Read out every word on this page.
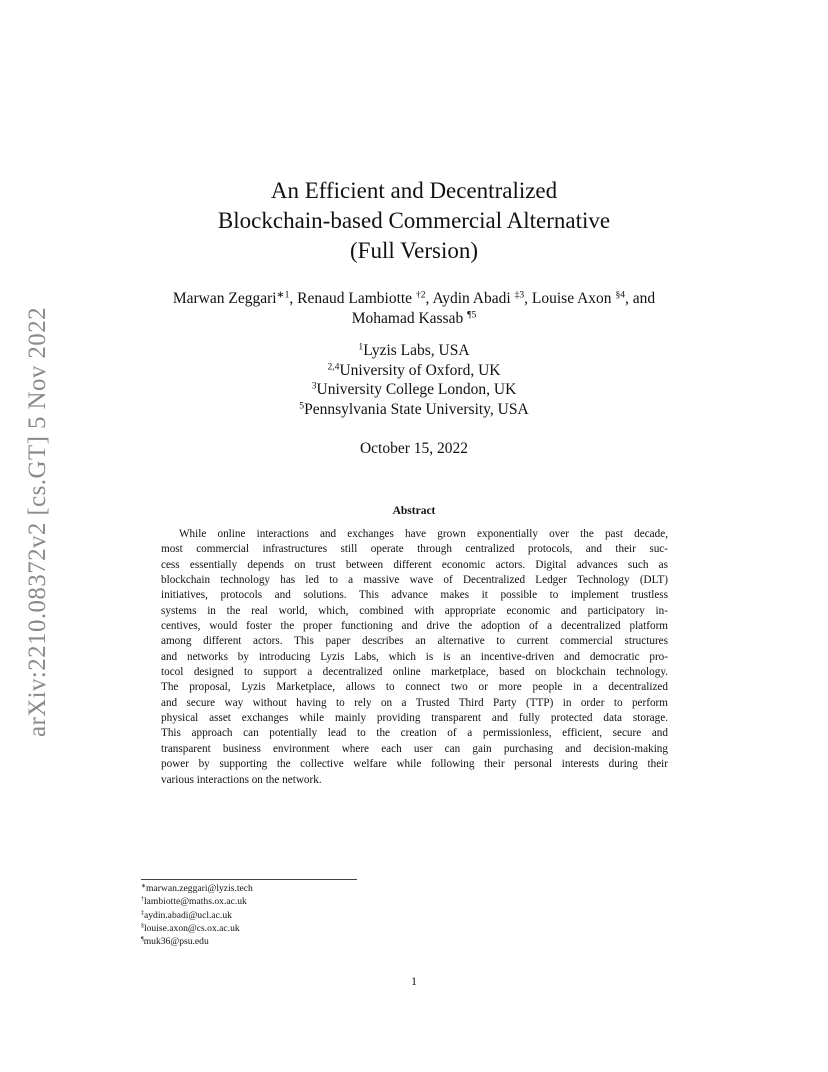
arXiv:2210.08372v2 [cs.GT] 5 Nov 2022
An Efficient and Decentralized
Blockchain-based Commercial Alternative
(Full Version)
Marwan Zeggari$^{∗1}$, Renaud Lambiotte $^{\dagger 2}$, Aydin Abadi $^{\ddagger 3}$, Louise Axon $^{\S 4}$, and
Mohamad Kassab $^{\P 5}$
$^1$Lyzis Labs, USA
$^{2,4}$University of Oxford, UK
$^3$University College London, UK
$^5$Pennsylvania State University, USA
October 15, 2022
Abstract
While online interactions and exchanges have grown exponentially over the past decade,
most commercial infrastructures still operate through centralized protocols, and their suc-
cess essentially depends on trust between different economic actors. Digital advances such as
blockchain technology has led to a massive wave of Decentralized Ledger Technology (DLT)
initiatives, protocols and solutions. This advance makes it possible to implement trustless
systems in the real world, which, combined with appropriate economic and participatory in-
centives, would foster the proper functioning and drive the adoption of a decentralized platform
among different actors. This paper describes an alternative to current commercial structures
and networks by introducing Lyzis Labs, which is is an incentive-driven and democratic pro-
tocol designed to support a decentralized online marketplace, based on blockchain technology.
The proposal, Lyzis Marketplace, allows to connect two or more people in a decentralized
and secure way without having to rely on a Trusted Third Party (TTP) in order to perform
physical asset exchanges while mainly providing transparent and fully protected data storage.
This approach can potentially lead to the creation of a permissionless, efficient, secure and
transparent business environment where each user can gain purchasing and decision-making
power by supporting the collective welfare while following their personal interests during their
various interactions on the network.
∗marwan.zeggari@lyzis.tech
†lambiotte@maths.ox.ac.uk
‡aydin.abadi@ucl.ac.uk
§louise.axon@cs.ox.ac.uk
¶muk36@psu.edu
1
